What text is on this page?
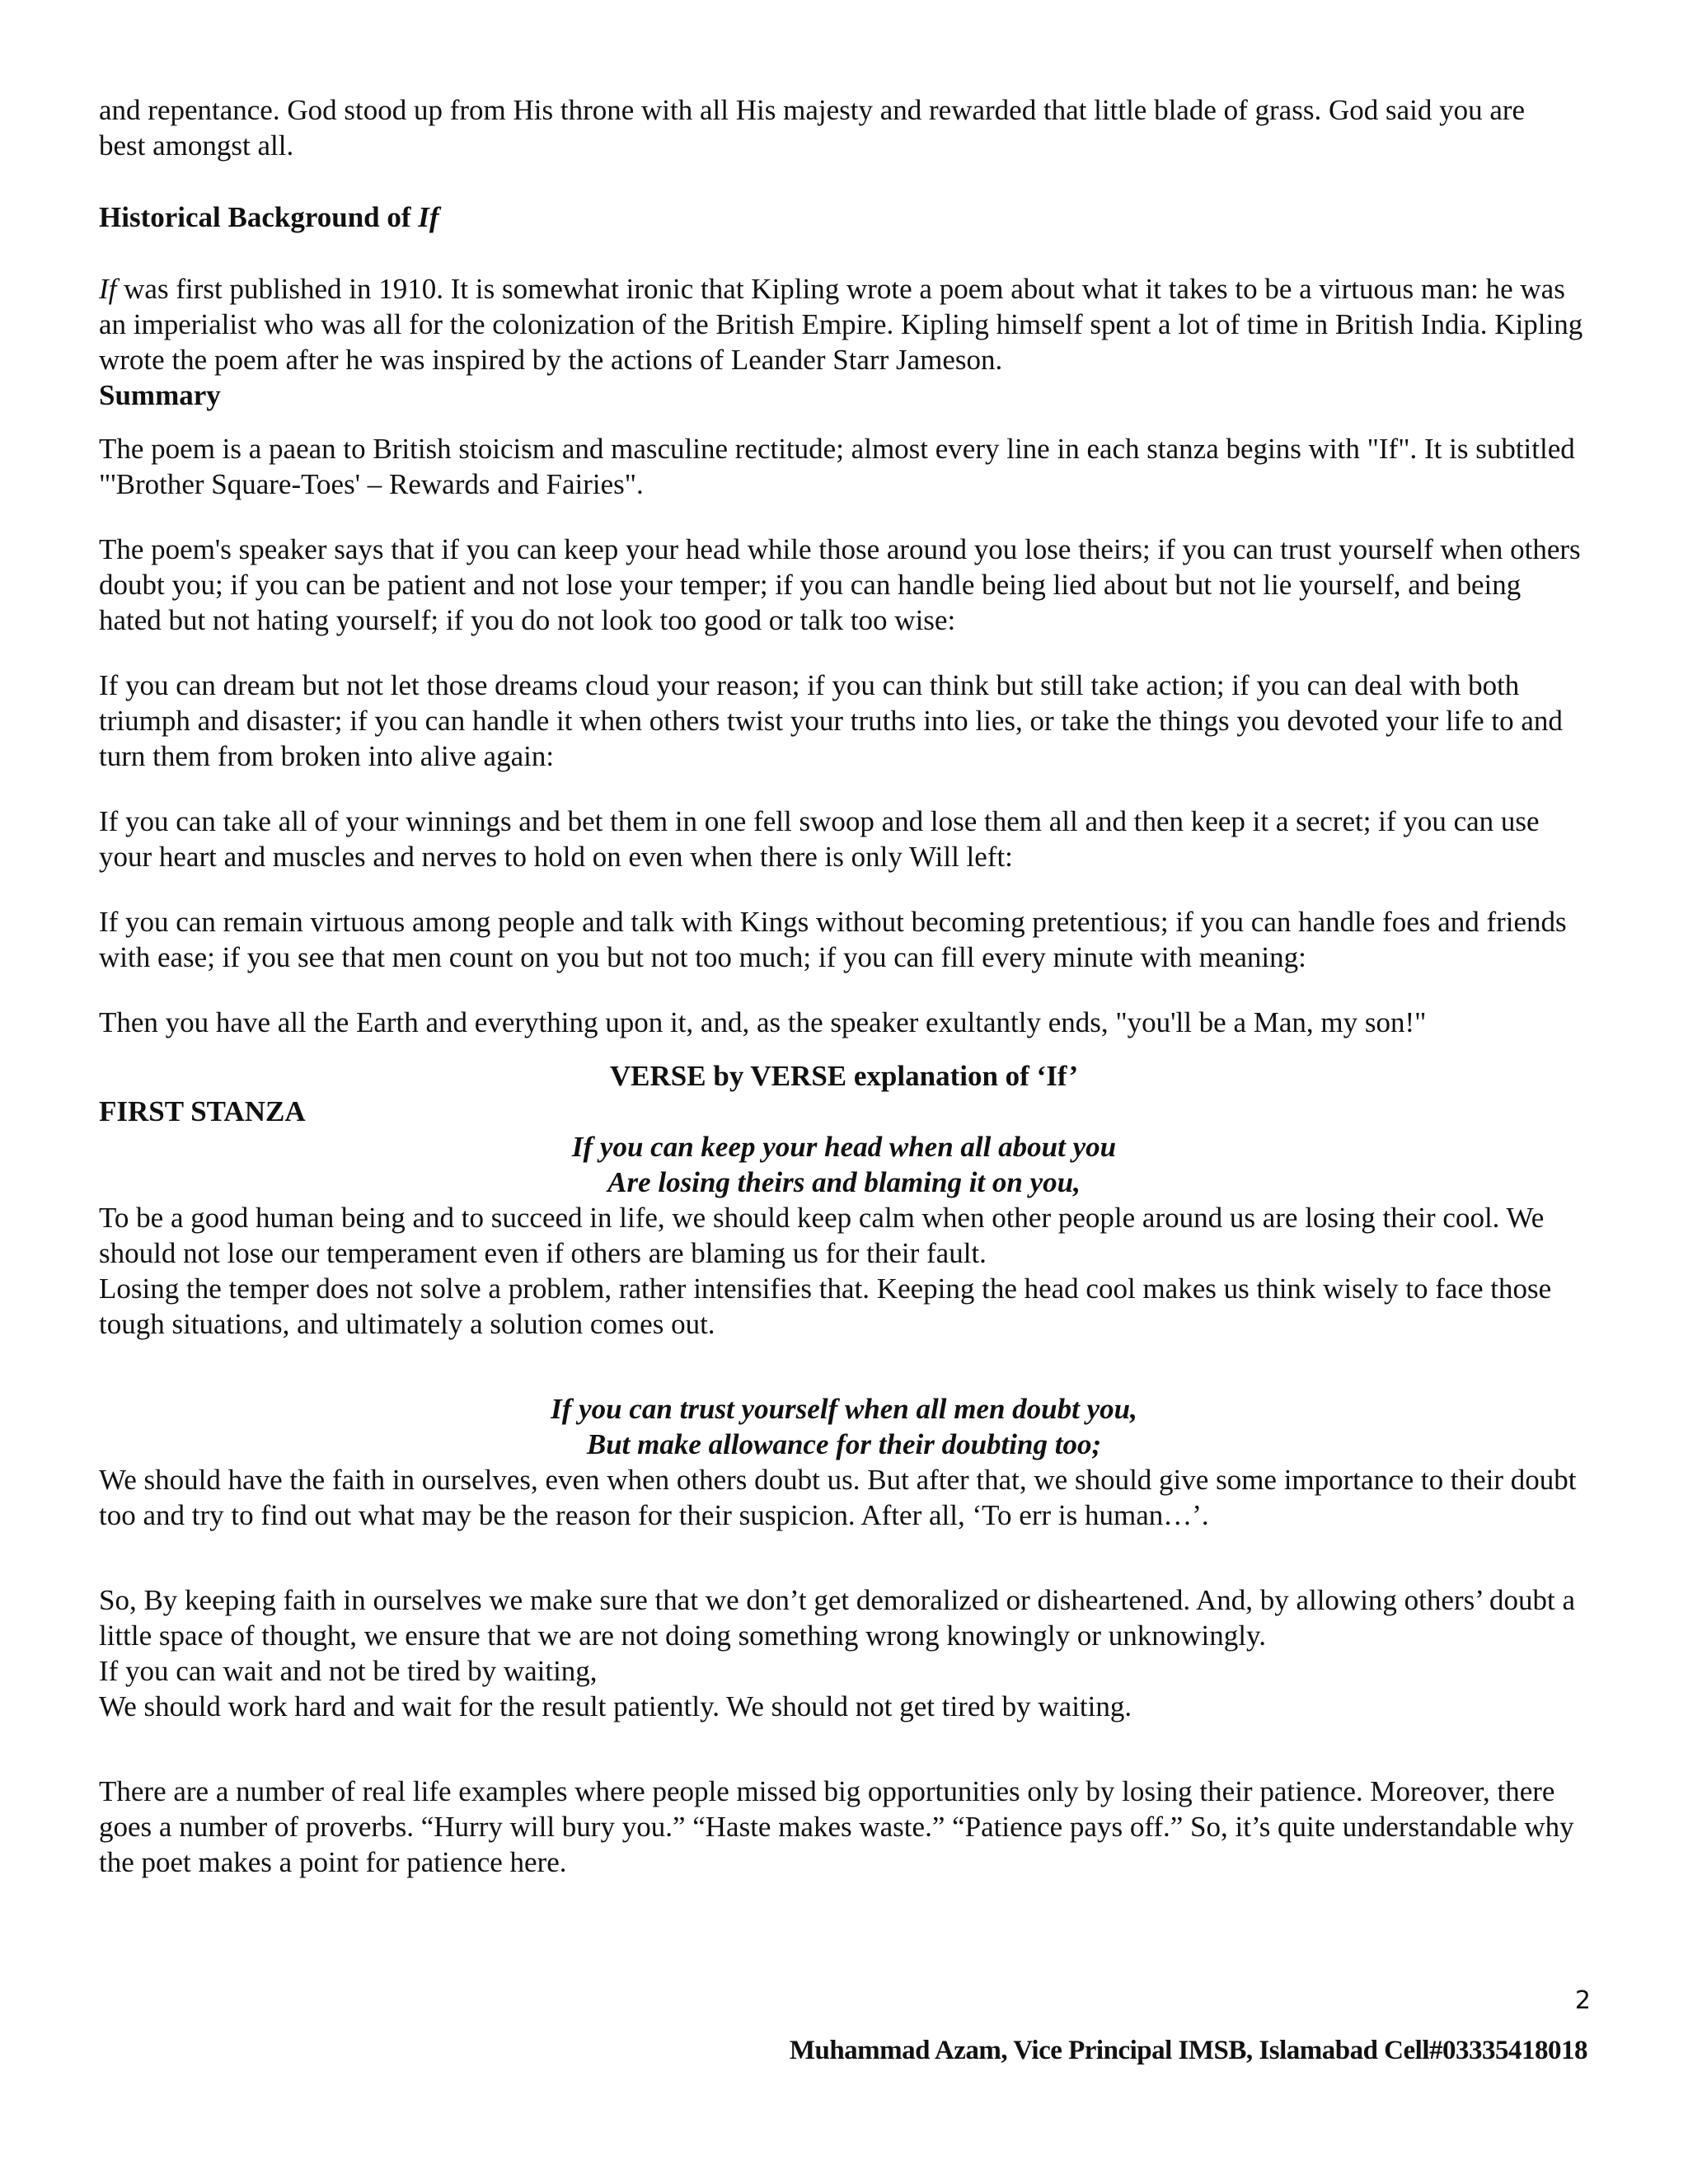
and repentance. God stood up from His throne with all His majesty and rewarded that little blade of grass. God said you are
best amongst all.

Historical Background of If

If was first published in 1910. It is somewhat ironic that Kipling wrote a poem about what it takes to be a virtuous man: he was an imperialist who was all for the colonization of the British Empire. Kipling himself spent a lot of time in British India. Kipling wrote the poem after he was inspired by the actions of Leander Starr Jameson.

Summary

The poem is a paean to British stoicism and masculine rectitude; almost every line in each stanza begins with "If". It is subtitled "'Brother Square-Toes' – Rewards and Fairies".

The poem's speaker says that if you can keep your head while those around you lose theirs; if you can trust yourself when others doubt you; if you can be patient and not lose your temper; if you can handle being lied about but not lie yourself, and being hated but not hating yourself; if you do not look too good or talk too wise:

If you can dream but not let those dreams cloud your reason; if you can think but still take action; if you can deal with both triumph and disaster; if you can handle it when others twist your truths into lies, or take the things you devoted your life to and turn them from broken into alive again:

If you can take all of your winnings and bet them in one fell swoop and lose them all and then keep it a secret; if you can use your heart and muscles and nerves to hold on even when there is only Will left:

If you can remain virtuous among people and talk with Kings without becoming pretentious; if you can handle foes and friends with ease; if you see that men count on you but not too much; if you can fill every minute with meaning:

Then you have all the Earth and everything upon it, and, as the speaker exultantly ends, "you'll be a Man, my son!"

VERSE by VERSE explanation of ‘If’

FIRST STANZA

If you can keep your head when all about you

Are losing theirs and blaming it on you,

To be a good human being and to succeed in life, we should keep calm when other people around us are losing their cool. We should not lose our temperament even if others are blaming us for their fault.

Losing the temper does not solve a problem, rather intensifies that. Keeping the head cool makes us think wisely to face those tough situations, and ultimately a solution comes out.

If you can trust yourself when all men doubt you,

But make allowance for their doubting too;

We should have the faith in ourselves, even when others doubt us. But after that, we should give some importance to their doubt too and try to find out what may be the reason for their suspicion. After all, ‘To err is human…’.

So, By keeping faith in ourselves we make sure that we don’t get demoralized or disheartened. And, by allowing others’ doubt a little space of thought, we ensure that we are not doing something wrong knowingly or unknowingly.

If you can wait and not be tired by waiting,

We should work hard and wait for the result patiently. We should not get tired by waiting.

There are a number of real life examples where people missed big opportunities only by losing their patience. Moreover, there goes a number of proverbs. “Hurry will bury you.” “Haste makes waste.” “Patience pays off.” So, it’s quite understandable why the poet makes a point for patience here.

2
Muhammad Azam, Vice Principal IMSB, Islamabad Cell#03335418018
